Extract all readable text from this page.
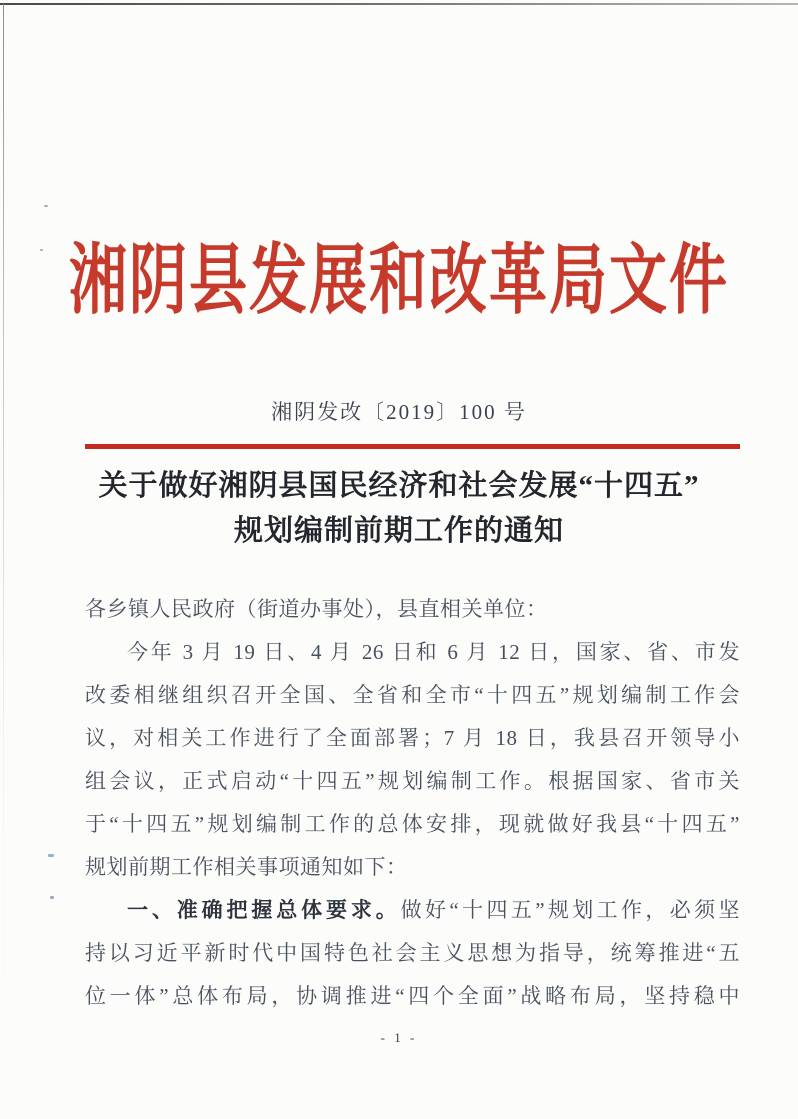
湘阴县发展和改革局文件
湘阴发改〔2019〕100 号
关于做好湘阴县国民经济和社会发展“十四五”
规划编制前期工作的通知
各乡镇人民政府（街道办事处），县直相关单位：
今年 3 月 19 日、4 月 26 日和 6 月 12 日，国家、省、市发
改委相继组织召开全国、全省和全市“十四五”规划编制工作会
议，对相关工作进行了全面部署；7 月 18 日，我县召开领导小
组会议，正式启动“十四五”规划编制工作。根据国家、省市关
于“十四五”规划编制工作的总体安排，现就做好我县“十四五”
规划前期工作相关事项通知如下：
一、准确把握总体要求。做好“十四五”规划工作，必须坚
持以习近平新时代中国特色社会主义思想为指导，统筹推进“五
位一体”总体布局，协调推进“四个全面”战略布局，坚持稳中
- 1 -
